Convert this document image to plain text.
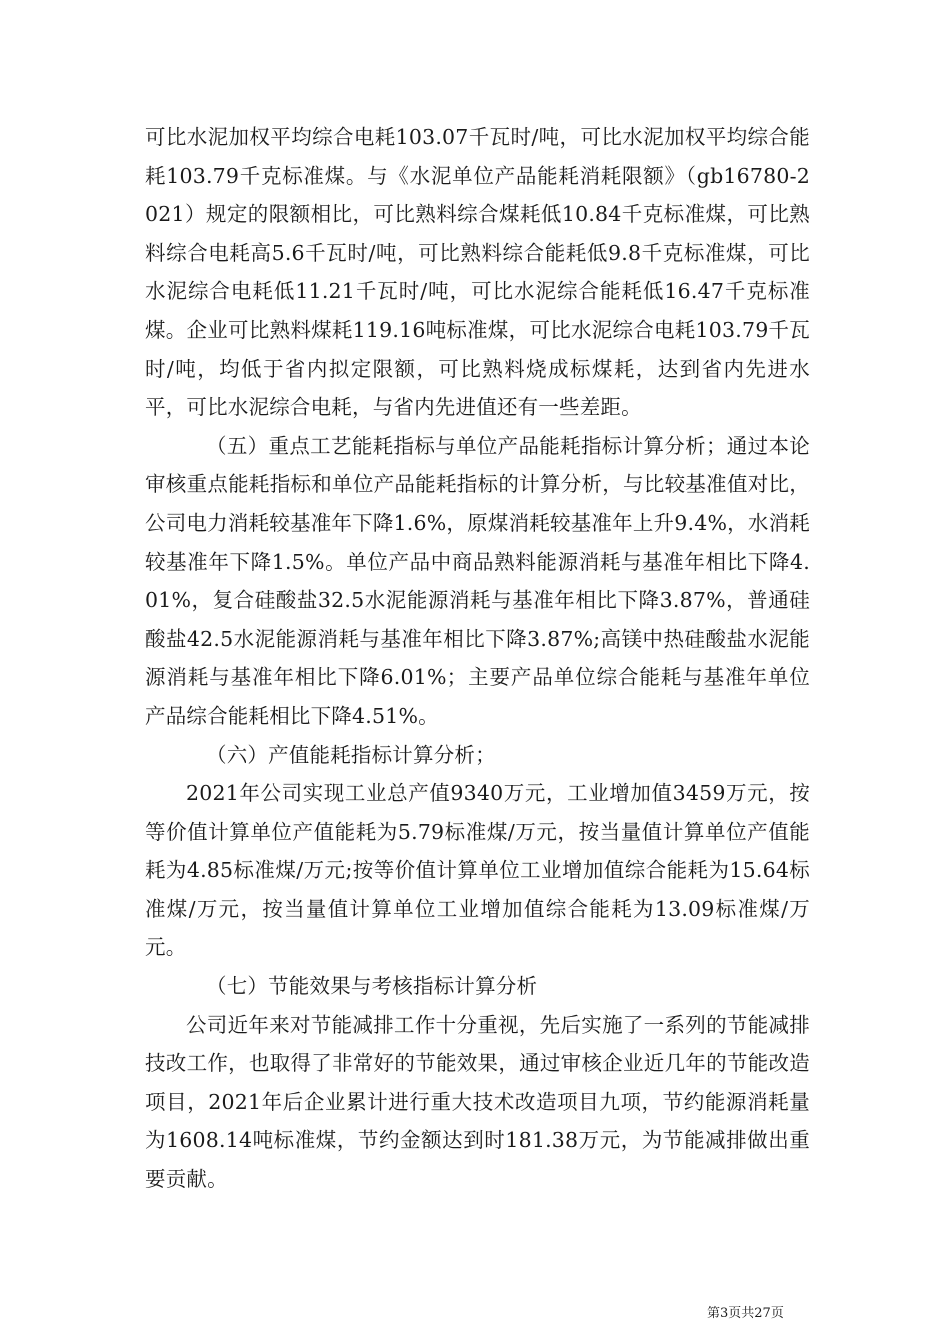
可比水泥加权平均综合电耗103.07千瓦时/吨，可比水泥加权平均综合能耗103.79千克标准煤。与《水泥单位产品能耗消耗限额》（gb16780-2021）规定的限额相比，可比熟料综合煤耗低10.84千克标准煤，可比熟料综合电耗高5.6千瓦时/吨，可比熟料综合能耗低9.8千克标准煤，可比水泥综合电耗低11.21千瓦时/吨，可比水泥综合能耗低16.47千克标准煤。企业可比熟料煤耗119.16吨标准煤，可比水泥综合电耗103.79千瓦时/吨，均低于省内拟定限额，可比熟料烧成标煤耗，达到省内先进水平，可比水泥综合电耗，与省内先进值还有一些差距。

（五）重点工艺能耗指标与单位产品能耗指标计算分析；通过本论审核重点能耗指标和单位产品能耗指标的计算分析，与比较基准值对比，公司电力消耗较基准年下降1.6%，原煤消耗较基准年上升9.4%，水消耗较基准年下降1.5%。单位产品中商品熟料能源消耗与基准年相比下降4.01%，复合硅酸盐32.5水泥能源消耗与基准年相比下降3.87%，普通硅酸盐42.5水泥能源消耗与基准年相比下降3.87%;高镁中热硅酸盐水泥能源消耗与基准年相比下降6.01%；主要产品单位综合能耗与基准年单位产品综合能耗相比下降4.51%。

（六）产值能耗指标计算分析；

2021年公司实现工业总产值9340万元，工业增加值3459万元，按等价值计算单位产值能耗为5.79标准煤/万元，按当量值计算单位产值能耗为4.85标准煤/万元;按等价值计算单位工业增加值综合能耗为15.64标准煤/万元，按当量值计算单位工业增加值综合能耗为13.09标准煤/万元。

（七）节能效果与考核指标计算分析

公司近年来对节能减排工作十分重视，先后实施了一系列的节能减排技改工作，也取得了非常好的节能效果，通过审核企业近几年的节能改造项目，2021年后企业累计进行重大技术改造项目九项，节约能源消耗量为1608.14吨标准煤，节约金额达到时181.38万元，为节能减排做出重要贡献。

第3页共27页
